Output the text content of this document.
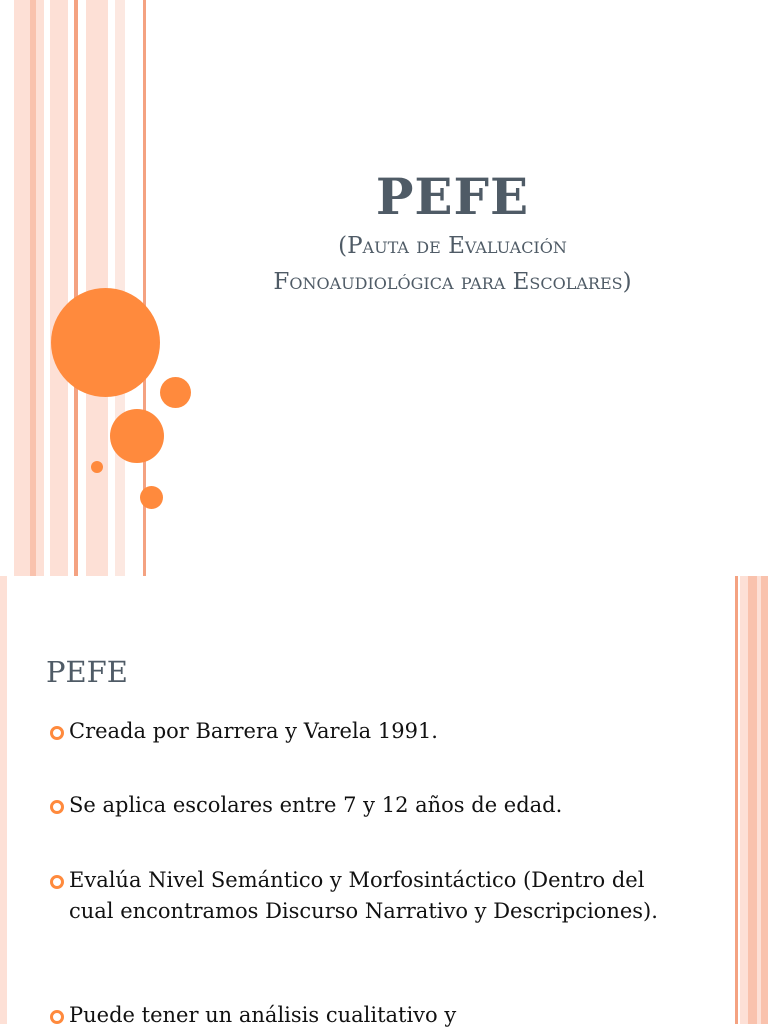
PEFE
(Pauta de Evaluación Fonoaudiológica para Escolares)
PEFE
Creada por Barrera y Varela 1991.
Se aplica escolares entre 7 y 12 años de edad.
Evalúa Nivel Semántico y Morfosintáctico (Dentro del cual encontramos Discurso Narrativo y Descripciones).
Puede tener un análisis cualitativo y
